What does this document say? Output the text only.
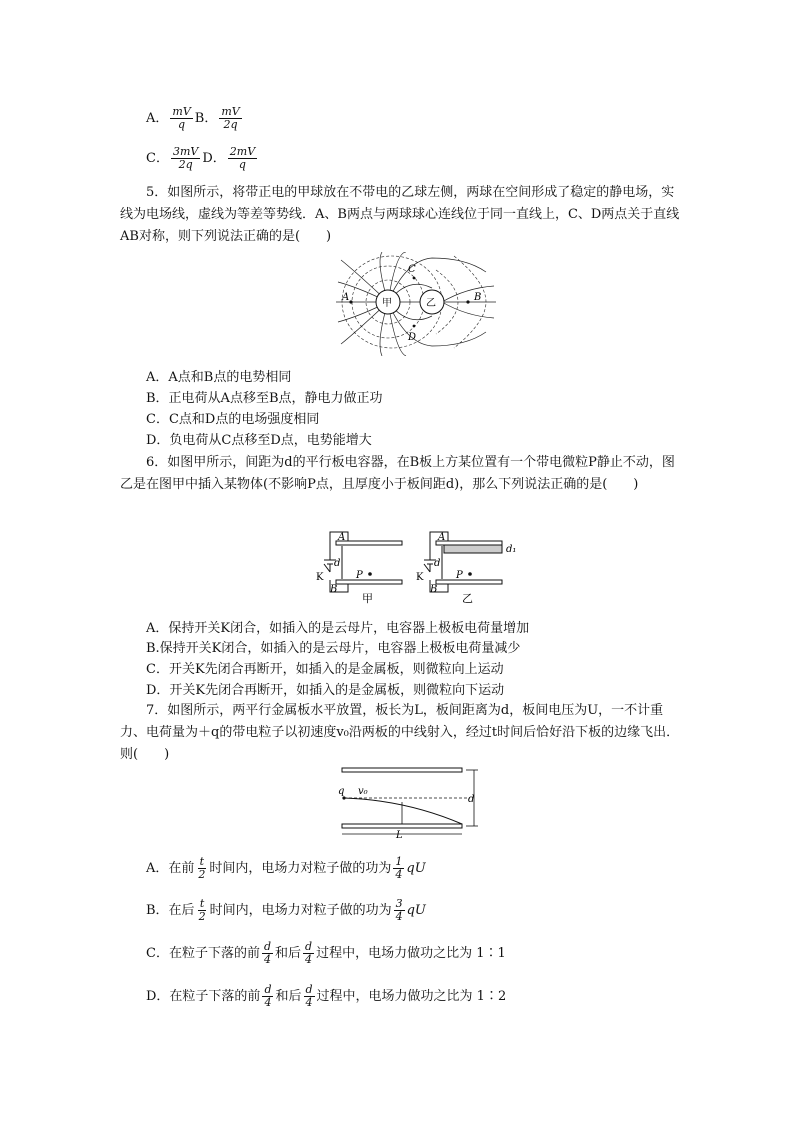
A． $\frac{mV}{q}$ B． $\frac{mV}{2q}$
C． $\frac{3mV}{2q}$ D． $\frac{2mV}{q}$
5．如图所示，将带正电的甲球放在不带电的乙球左侧，两球在空间形成了稳定的静电场，实线为电场线，虚线为等差等势线．A、B两点与两球球心连线位于同一直线上，C、D两点关于直线AB对称，则下列说法正确的是(　　)
甲	乙
A	B
C
D
A．A点和B点的电势相同
B．正电荷从A点移至B点，静电力做正功
C．C点和D点的电场强度相同
D．负电荷从C点移至D点，电势能增大
6．如图甲所示，间距为d的平行板电容器，在B板上方某位置有一个带电微粒P静止不动，图乙是在图甲中插入某物体(不影响P点，且厚度小于板间距d)，那么下列说法正确的是(　　)
A
B
d
K	P
甲
A
B
d
d₁
K	P
乙
A．保持开关K闭合，如插入的是云母片，电容器上极板电荷量增加
B.保持开关K闭合，如插入的是云母片，电容器上极板电荷量减少
C．开关K先闭合再断开，如插入的是金属板，则微粒向上运动
D．开关K先闭合再断开，如插入的是金属板，则微粒向下运动
7．如图所示，两平行金属板水平放置，板长为L，板间距离为d，板间电压为U，一不计重力、电荷量为＋q的带电粒子以初速度v₀沿两板的中线射入，经过t时间后恰好沿下板的边缘飞出．则(　　)
q v₀
d
L
A．在前 $\frac{t}{2}$ 时间内，电场力对粒子做的功为 $\frac{1}{4}$ qU
B．在后 $\frac{t}{2}$ 时间内，电场力对粒子做的功为 $\frac{3}{4}$ qU
C．在粒子下落的前 $\frac{d}{4}$ 和后 $\frac{d}{4}$ 过程中，电场力做功之比为 1∶1
D．在粒子下落的前 $\frac{d}{4}$ 和后 $\frac{d}{4}$ 过程中，电场力做功之比为 1∶2
